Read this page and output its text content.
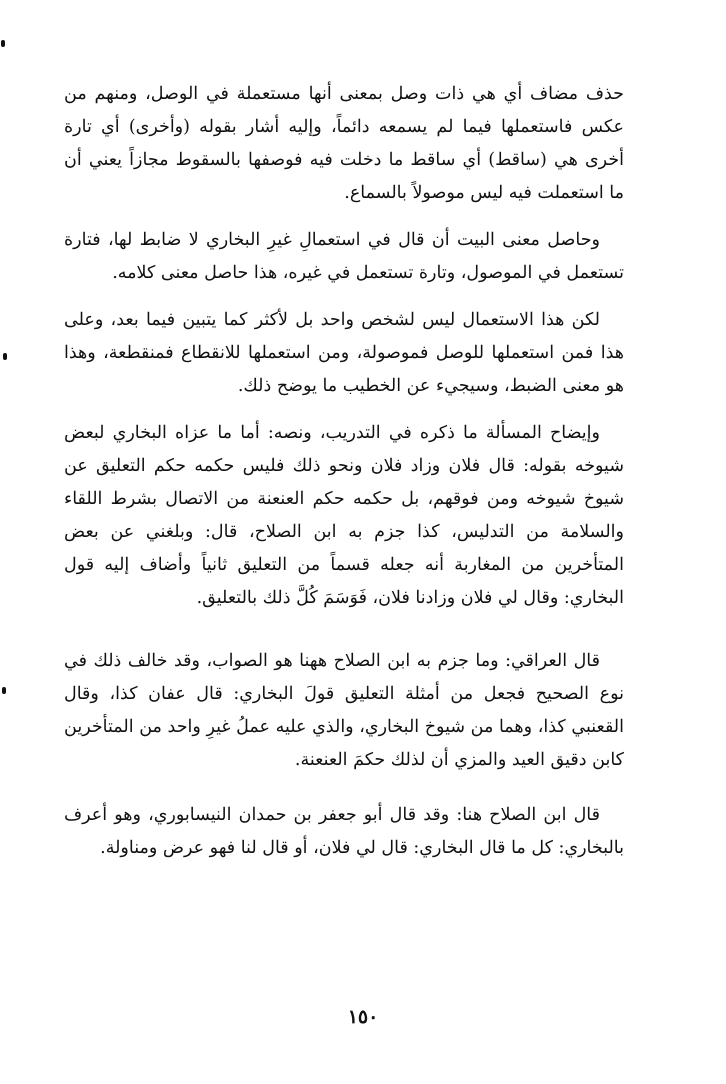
حذف مضاف أي هي ذات وصل بمعنى أنها مستعملة في الوصل، ومنهم من عكس فاستعملها فيما لم يسمعه دائماً، وإليه أشار بقوله (وأخرى) أي تارة أخرى هي (ساقط) أي ساقط ما دخلت فيه فوصفها بالسقوط مجازاً يعني أن ما استعملت فيه ليس موصولاً بالسماع.

وحاصل معنى البيت أن قال في استعمالِ غيرِ البخاري لا ضابط لها، فتارة تستعمل في الموصول، وتارة تستعمل في غيره، هذا حاصل معنى كلامه.

لكن هذا الاستعمال ليس لشخص واحد بل لأكثر كما يتبين فيما بعد، وعلى هذا فمن استعملها للوصل فموصولة، ومن استعملها للانقطاع فمنقطعة، وهذا هو معنى الضبط، وسيجيء عن الخطيب ما يوضح ذلك.

وإيضاح المسألة ما ذكره في التدريب، ونصه: أما ما عزاه البخاري لبعض شيوخه بقوله: قال فلان وزاد فلان ونحو ذلك فليس حكمه حكم التعليق عن شيوخ شيوخه ومن فوقهم، بل حكمه حكم العنعنة من الاتصال بشرط اللقاء والسلامة من التدليس، كذا جزم به ابن الصلاح، قال: وبلغني عن بعض المتأخرين من المغاربة أنه جعله قسماً من التعليق ثانياً وأضاف إليه قول البخاري: وقال لي فلان وزادنا فلان، فَوَسَمَ كُلَّ ذلك بالتعليق.

قال العراقي: وما جزم به ابن الصلاح ههنا هو الصواب، وقد خالف ذلك في نوع الصحيح فجعل من أمثلة التعليق قولَ البخاري: قال عفان كذا، وقال القعنبي كذا، وهما من شيوخ البخاري، والذي عليه عملُ غيرِ واحد من المتأخرين كابن دقيق العيد والمزي أن لذلك حكمَ العنعنة.

قال ابن الصلاح هنا: وقد قال أبو جعفر بن حمدان النيسابوري، وهو أعرف بالبخاري: كل ما قال البخاري: قال لي فلان، أو قال لنا فهو عرض ومناولة.

١٥٠
